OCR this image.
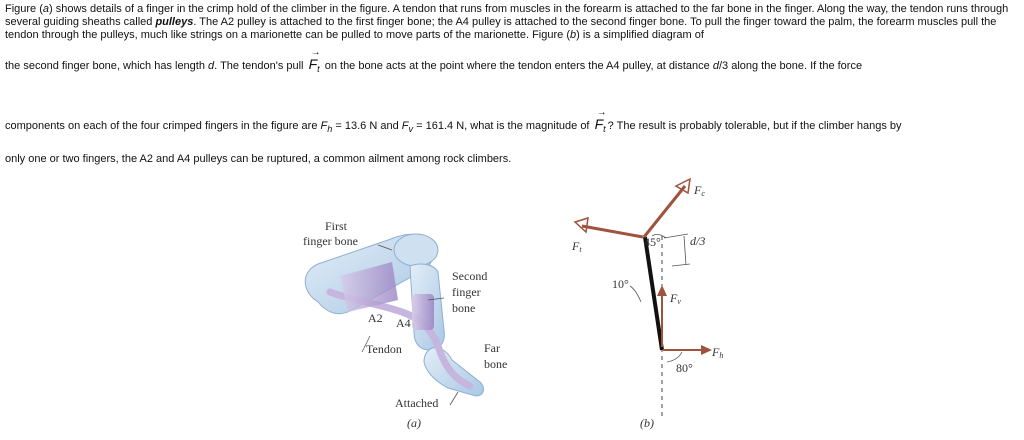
Figure (a) shows details of a finger in the crimp hold of the climber in the figure. A tendon that runs from muscles in the forearm is attached to the far bone in the finger. Along the way, the tendon runs through several guiding sheaths called pulleys. The A2 pulley is attached to the first finger bone; the A4 pulley is attached to the second finger bone. To pull the finger toward the palm, the forearm muscles pull the tendon through the pulleys, much like strings on a marionette can be pulled to move parts of the marionette. Figure (b) is a simplified diagram of

the second finger bone, which has length d. The tendon's pull
→
$F_t$ on the bone acts at the point where the tendon enters the A4 pulley, at distance d/3 along the bone. If the force

components on each of the four crimped fingers in the figure are $F_h = 13.6$ N and $F_v = 161.4$ N, what is the magnitude of
→
$F_t$ ? The result is probably tolerable, but if the climber hangs by

only one or two fingers, the A2 and A4 pulleys can be ruptured, a common ailment among rock climbers.

First
finger bone
Second
finger
bone
A2 A4
Tendon	Far
bone
Attached
(a)
Fc
Ft
Fv
Fh
45°
10°
80°
d/3
(b)
